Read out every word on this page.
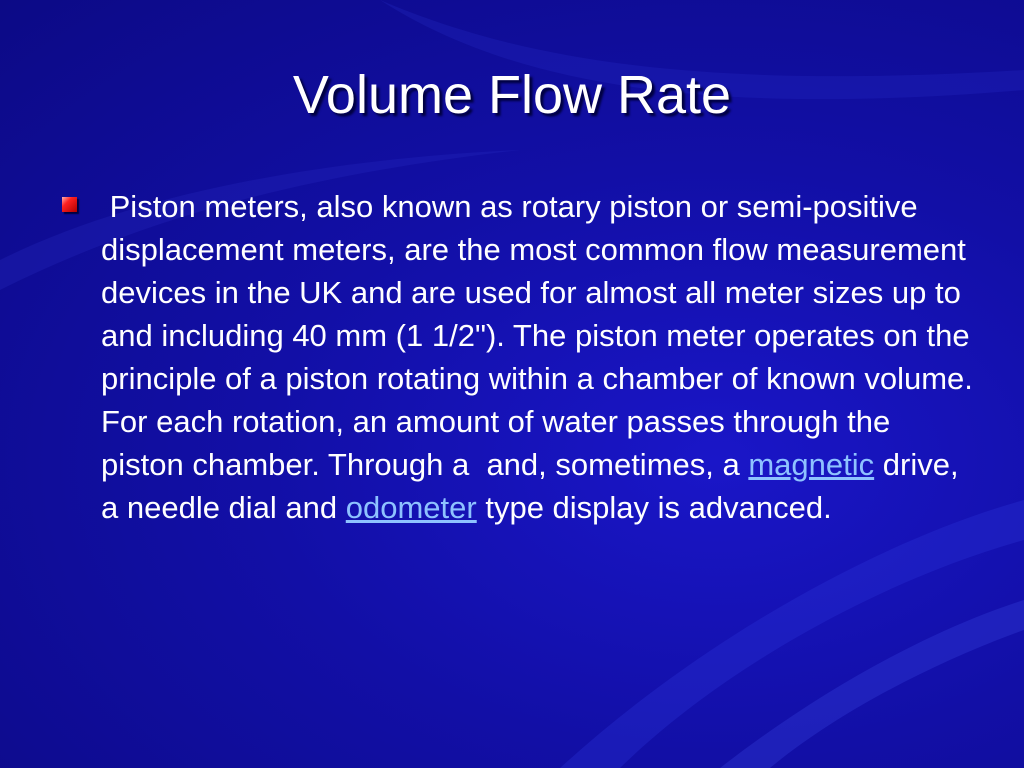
Volume Flow Rate
Piston meters, also known as rotary piston or semi-positive displacement meters, are the most common flow measurement devices in the UK and are used for almost all meter sizes up to and including 40 mm (1 1/2"). The piston meter operates on the principle of a piston rotating within a chamber of known volume. For each rotation, an amount of water passes through the piston chamber. Through a  and, sometimes, a magnetic drive, a needle dial and odometer type display is advanced.
